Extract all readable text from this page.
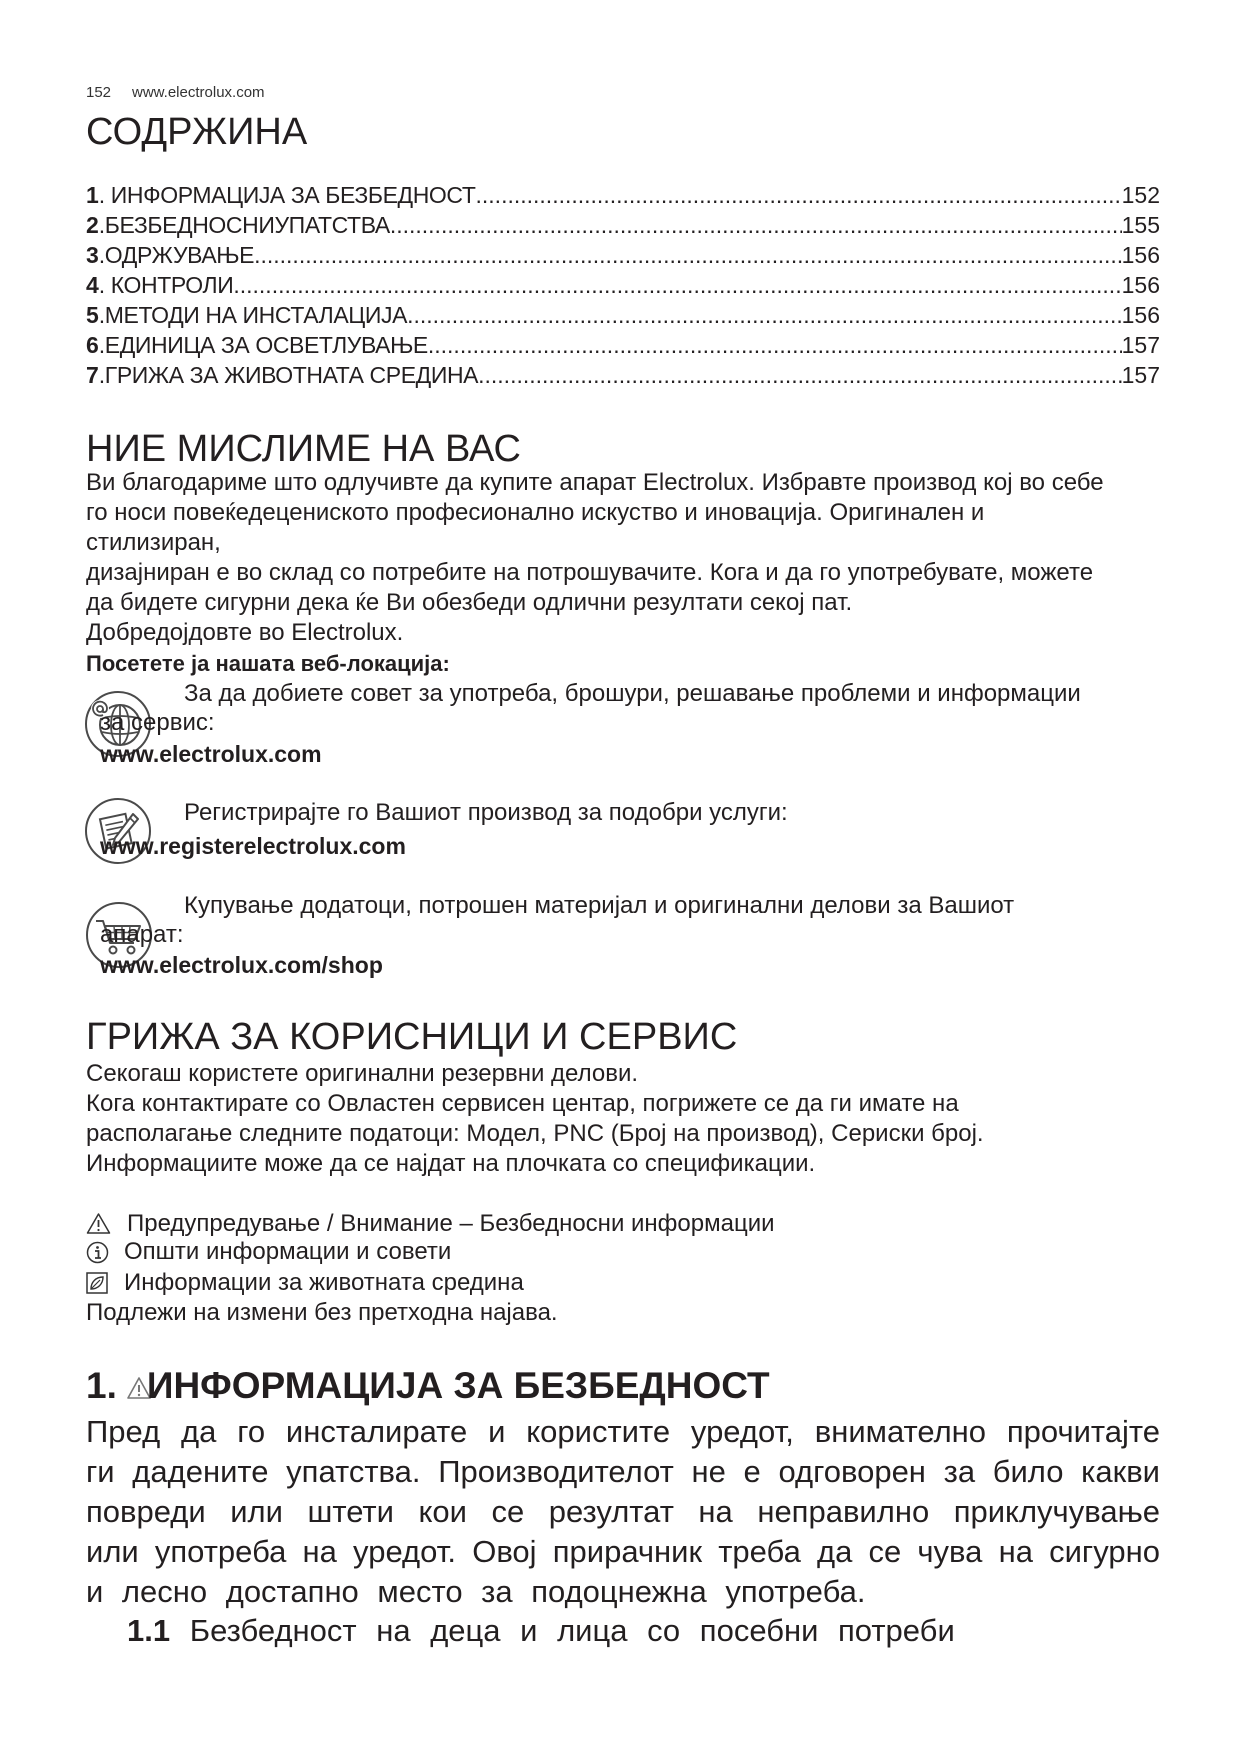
152 www.electrolux.com
СОДРЖИНА
1 . ИНФОРМАЦИЈА ЗА БЕЗБЕДНОСТ .....	152
2 .БЕЗБЕДНОСНИУПАТСТВА .....	155
3 .ОДРЖУВАЊЕ .....	156
4 . КОНТРОЛИ .....	156
5 .МЕТОДИ НА ИНСТАЛАЦИЈА .....	156
6 .ЕДИНИЦА ЗА ОСВЕТЛУВАЊЕ .....	157
7 .ГРИЖА ЗА ЖИВОТНАТА СРЕДИНА .....	157
НИЕ МИСЛИМЕ НА ВАС
Ви благодариме што одлучивте да купите апарат Electrolux. Избравте производ кој во себе
го носи повеќедецениското професионално искуство и иновација. Оригинален и
стилизиран,
дизајниран е во склад со потребите на потрошувачите. Кога и да го употребувате, можете
да бидете сигурни дека ќе Ви обезбеди одлични резултати секој пат.
Добредојдовте во Electrolux.
Посетете ја нашата веб-локација:
За да добиете совет за употреба, брошури, решавање проблеми и информации
за сервис:
www.electrolux.com
Регистрирајте го Вашиот производ за подобри услуги:
www.registerelectrolux.com
Купување додатоци, потрошен материјал и оригинални делови за Вашиот
апарат:
www.electrolux.com/shop
ГРИЖА ЗА КОРИСНИЦИ И СЕРВИС
Секогаш користете оригинални резервни делови.
Кога контактирате со Овластен сервисен центар, погрижете се да ги имате на
располагање следните податоци: Модел, PNC (Број на производ), Сериски број.
Информациите може да се најдат на плочката со спецификации.
Предупредување / Внимание – Безбедносни информации
Општи информации и совети
Информации за животната средина
Подлежи на измени без претходна најава.
1. ИНФОРМАЦИЈА ЗА БЕЗБЕДНОСТ
Пред да го инсталирате и користите уредот, внимателно прочитајте
ги дадените упатства. Производителот не е одговорен за било какви
повреди или штети кои се резултат на неправилно приклучување
или употреба на уредот. Овој прирачник треба да се чува на сигурно
и лесно достапно место за подоцнежна употреба.
1.1 Безбедност на деца и лица со посебни потреби
